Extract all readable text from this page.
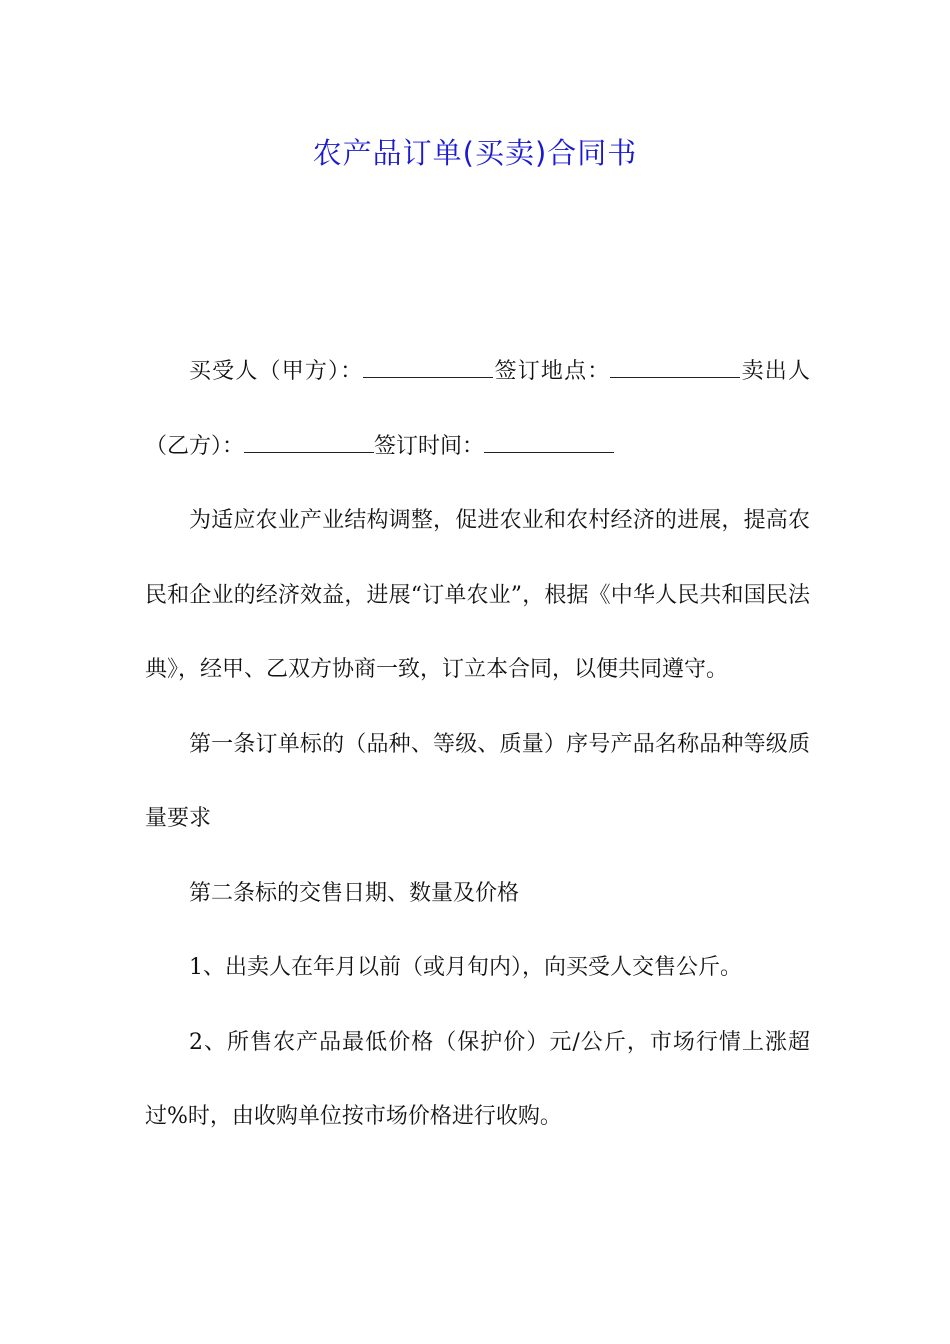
农产品订单(买卖)合同书

买受人（甲方）：	签订地点：	卖出人（乙方）：	签订时间：

为适应农业产业结构调整，促进农业和农村经济的进展，提高农民和企业的经济效益，进展“订单农业”，根据《中华人民共和国民法典》，经甲、乙双方协商一致，订立本合同，以便共同遵守。

第一条订单标的（品种、等级、质量）序号产品名称品种等级质量要求

第二条标的交售日期、数量及价格

1、出卖人在年月以前（或月旬内），向买受人交售公斤。

2、所售农产品最低价格（保护价）元/公斤，市场行情上涨超过%时，由收购单位按市场价格进行收购。
